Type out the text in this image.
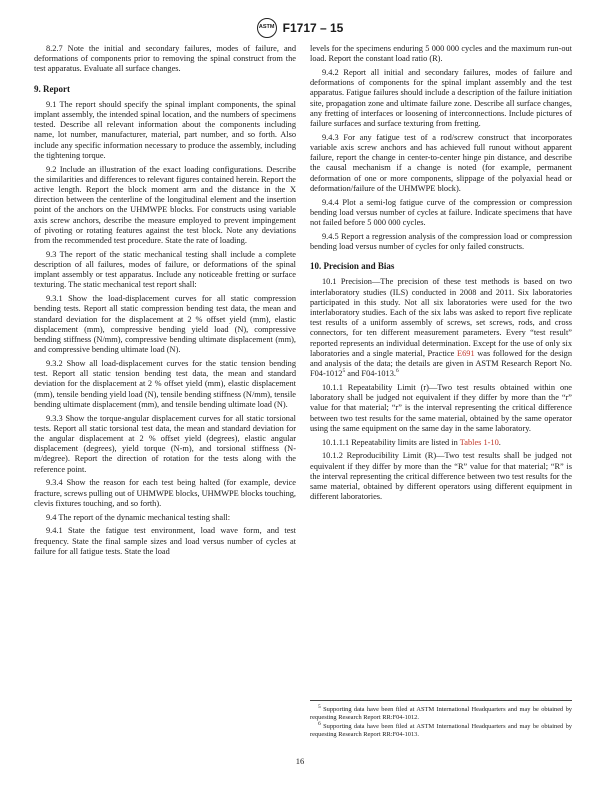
ASTM F1717 – 15

8.2.7 Note the initial and secondary failures, modes of failure, and deformations of components prior to removing the spinal construct from the test apparatus. Evaluate all surface changes.

9. Report

9.1 The report should specify the spinal implant components, the spinal implant assembly, the intended spinal location, and the numbers of specimens tested. Describe all relevant information about the components including name, lot number, manufacturer, material, part number, and so forth. Also include any specific information necessary to produce the assembly, including the tightening torque.

9.2 Include an illustration of the exact loading configurations. Describe the similarities and differences to relevant figures contained herein. Report the active length. Report the block moment arm and the distance in the X direction between the centerline of the longitudinal element and the insertion point of the anchors on the UHMWPE blocks. For constructs using variable axis screw anchors, describe the measure employed to prevent impingement of pivoting or rotating features against the test block. Note any deviations from the recommended test procedure. State the rate of loading.

9.3 The report of the static mechanical testing shall include a complete description of all failures, modes of failure, or deformations of the spinal implant assembly or test apparatus. Include any noticeable fretting or surface texturing. The static mechanical test report shall:

9.3.1 Show the load-displacement curves for all static compression bending tests. Report all static compression bending test data, the mean and standard deviation for the displacement at 2 % offset yield (mm), elastic displacement (mm), compressive bending yield load (N), compressive bending stiffness (N/mm), compressive bending ultimate displacement (mm), and compressive bending ultimate load (N).

9.3.2 Show all load-displacement curves for the static tension bending test. Report all static tension bending test data, the mean and standard deviation for the displacement at 2 % offset yield (mm), elastic displacement (mm), tensile bending yield load (N), tensile bending stiffness (N/mm), tensile bending ultimate displacement (mm), and tensile bending ultimate load (N).

9.3.3 Show the torque-angular displacement curves for all static torsional tests. Report all static torsional test data, the mean and standard deviation for the angular displacement at 2 % offset yield (degrees), elastic angular displacement (degrees), yield torque (N-m), and torsional stiffness (N-m/degree). Report the direction of rotation for the tests along with the reference point.

9.3.4 Show the reason for each test being halted (for example, device fracture, screws pulling out of UHMWPE blocks, UHMWPE blocks touching, clevis fixtures touching, and so forth).

9.4 The report of the dynamic mechanical testing shall:

9.4.1 State the fatigue test environment, load wave form, and test frequency. State the final sample sizes and load versus number of cycles at failure for all fatigue tests. State the load

levels for the specimens enduring 5 000 000 cycles and the maximum run-out load. Report the constant load ratio (R).

9.4.2 Report all initial and secondary failures, modes of failure and deformations of components for the spinal implant assembly and the test apparatus. Fatigue failures should include a description of the failure initiation site, propagation zone and ultimate failure zone. Describe all surface changes, any fretting of interfaces or loosening of interconnections. Include pictures of failure surfaces and surface texturing from fretting.

9.4.3 For any fatigue test of a rod/screw construct that incorporates variable axis screw anchors and has achieved full runout without apparent failure, report the change in center-to-center hinge pin distance, and describe the causal mechanism if a change is noted (for example, permanent deformation of one or more components, slippage of the polyaxial head or deformation/failure of the UHMWPE block).

9.4.4 Plot a semi-log fatigue curve of the compression or compression bending load versus number of cycles at failure. Indicate specimens that have not failed before 5 000 000 cycles.

9.4.5 Report a regression analysis of the compression load or compression bending load versus number of cycles for only failed constructs.

10. Precision and Bias

10.1 Precision—The precision of these test methods is based on two interlaboratory studies (ILS) conducted in 2008 and 2011. Six laboratories participated in this study. Not all six laboratories were used for the two interlaboratory studies. Each of the six labs was asked to report five replicate test results of a uniform assembly of screws, set screws, rods, and cross connectors, for ten different measurement parameters. Every “test result” reported represents an individual determination. Except for the use of only six laboratories and a single material, Practice E691 was followed for the design and analysis of the data; the details are given in ASTM Research Report No. F04-1012$^5$ and F04-1013.$^6$

10.1.1 Repeatability Limit (r)—Two test results obtained within one laboratory shall be judged not equivalent if they differ by more than the “r” value for that material; “r” is the interval representing the critical difference between two test results for the same material, obtained by the same operator using the same equipment on the same day in the same laboratory.

10.1.1.1 Repeatability limits are listed in Tables 1-10.

10.1.2 Reproducibility Limit (R)—Two test results shall be judged not equivalent if they differ by more than the “R” value for that material; “R” is the interval representing the critical difference between two test results for the same material, obtained by different operators using different equipment in different laboratories.

$^5$ Supporting data have been filed at ASTM International Headquarters and may be obtained by requesting Research Report RR:F04-1012.

$^6$ Supporting data have been filed at ASTM International Headquarters and may be obtained by requesting Research Report RR:F04-1013.

16
